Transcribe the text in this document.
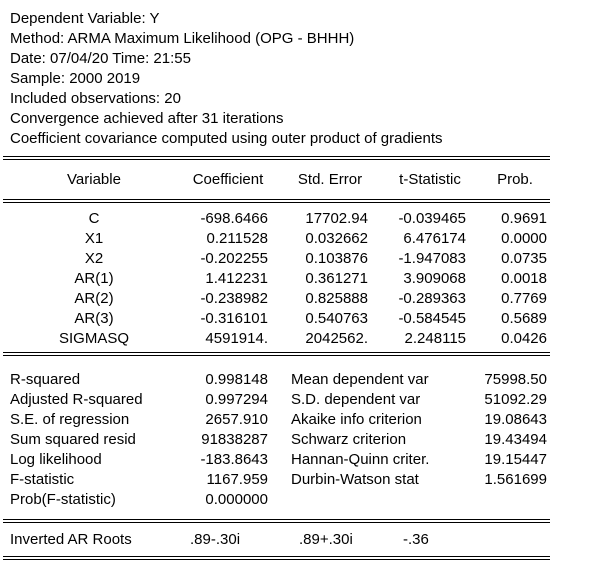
Dependent Variable: Y
Method: ARMA Maximum Likelihood (OPG - BHHH)
Date: 07/04/20 Time: 21:55
Sample: 2000 2019
Included observations: 20
Convergence achieved after 31 iterations
Coefficient covariance computed using outer product of gradients
Variable	Coefficient	Std. Error	t-Statistic	Prob.
C	-698.6466	17702.94	-0.039465	0.9691
X1	0.211528	0.032662	6.476174	0.0000
X2	-0.202255	0.103876	-1.947083	0.0735
AR(1)	1.412231	0.361271	3.909068	0.0018
AR(2)	-0.238982	0.825888	-0.289363	0.7769
AR(3)	-0.316101	0.540763	-0.584545	0.5689
SIGMASQ	4591914.	2042562.	2.248115	0.0426
R-squared	0.998148 Mean dependent var	75998.50
Adjusted R-squared	0.997294 S.D. dependent var	51092.29
S.E. of regression	2657.910 Akaike info criterion	19.08643
Sum squared resid	91838287 Schwarz criterion	19.43494
Log likelihood	-183.8643 Hannan-Quinn criter.	19.15447
F-statistic	1167.959 Durbin-Watson stat	1.561699
Prob(F-statistic)	0.000000
Inverted AR Roots	.89-.30i	.89+.30i	-.36
